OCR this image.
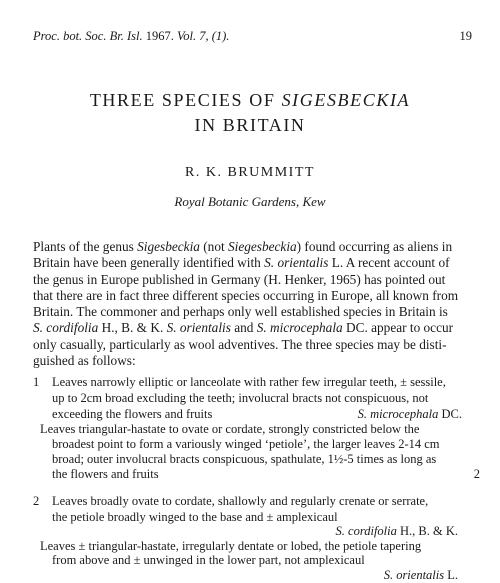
Proc. bot. Soc. Br. Isl. 1967. Vol. 7, (1).	19
THREE SPECIES OF SIGESBECKIA
IN BRITAIN
R. K. BRUMMITT
Royal Botanic Gardens, Kew
Plants of the genus Sigesbeckia (not Siegesbeckia) found occurring as aliens in
Britain have been generally identified with S. orientalis L. A recent account of
the genus in Europe published in Germany (H. Henker, 1965) has pointed out
that there are in fact three different species occurring in Europe, all known from
Britain. The commoner and perhaps only well established species in Britain is
S. cordifolia H., B. & K. S. orientalis and S. microcephala DC. appear to occur
only casually, particularly as wool adventives. The three species may be disti-
guished as follows:
1 Leaves narrowly elliptic or lanceolate with rather few irregular teeth, ± sessile,
up to 2cm broad excluding the teeth; involucral bracts not conspicuous, not
exceeding the flowers and fruits	S. microcephala DC.
Leaves triangular-hastate to ovate or cordate, strongly constricted below the
broadest point to form a variously winged ‘petiole’, the larger leaves 2-14 cm
broad; outer involucral bracts conspicuous, spathulate, 1½-5 times as long as
the flowers and fruits	2
2 Leaves broadly ovate to cordate, shallowly and regularly crenate or serrate,
the petiole broadly winged to the base and ± amplexicaul
S. cordifolia H., B. & K.
Leaves ± triangular-hastate, irregularly dentate or lobed, the petiole tapering
from above and ± unwinged in the lower part, not amplexicaul
S. orientalis L.
